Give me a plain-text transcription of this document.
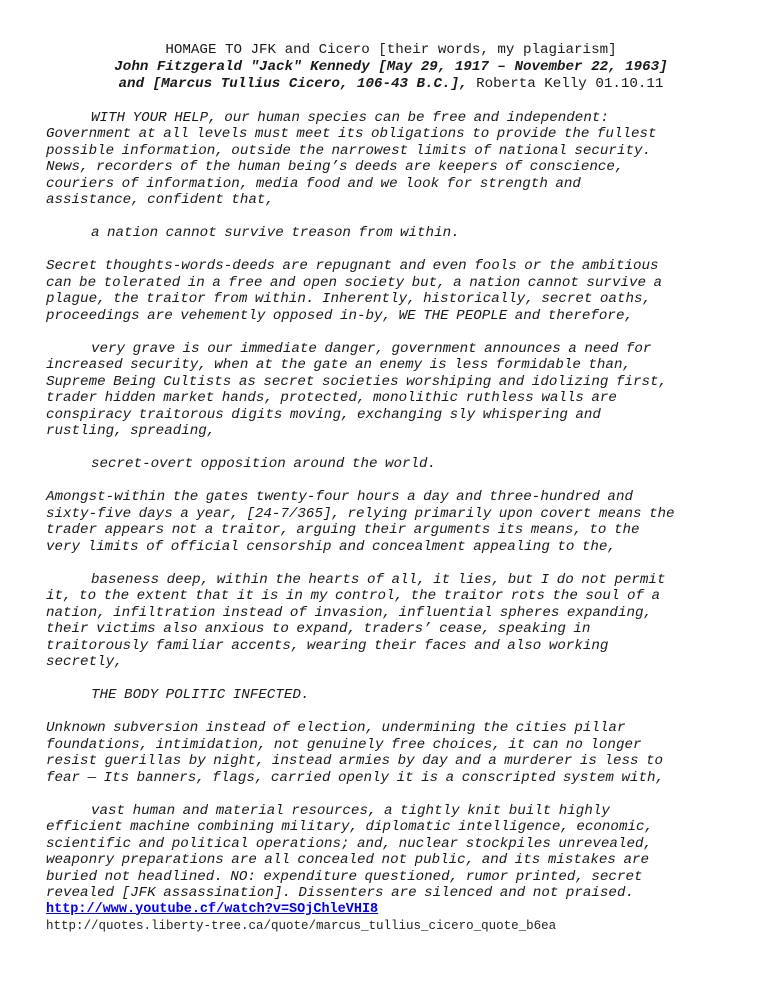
HOMAGE TO JFK and Cicero [their words, my plagiarism]
John Fitzgerald "Jack" Kennedy [May 29, 1917 – November 22, 1963]
and [Marcus Tullius Cicero, 106-43 B.C.], Roberta Kelly 01.10.11

WITH YOUR HELP, our human species can be free and independent:
Government at all levels must meet its obligations to provide the fullest
possible information, outside the narrowest limits of national security.
News, recorders of the human being’s deeds are keepers of conscience,
couriers of information, media food and we look for strength and
assistance, confident that,

a nation cannot survive treason from within.

Secret thoughts-words-deeds are repugnant and even fools or the ambitious
can be tolerated in a free and open society but, a nation cannot survive a
plague, the traitor from within. Inherently, historically, secret oaths,
proceedings are vehemently opposed in-by, WE THE PEOPLE and therefore,

very grave is our immediate danger, government announces a need for
increased security, when at the gate an enemy is less formidable than,
Supreme Being Cultists as secret societies worshiping and idolizing first,
trader hidden market hands, protected, monolithic ruthless walls are
conspiracy traitorous digits moving, exchanging sly whispering and
rustling, spreading,

secret-overt opposition around the world.

Amongst-within the gates twenty-four hours a day and three-hundred and
sixty-five days a year, [24-7/365], relying primarily upon covert means the
trader appears not a traitor, arguing their arguments its means, to the
very limits of official censorship and concealment appealing to the,

baseness deep, within the hearts of all, it lies, but I do not permit
it, to the extent that it is in my control, the traitor rots the soul of a
nation, infiltration instead of invasion, influential spheres expanding,
their victims also anxious to expand, traders’ cease, speaking in
traitorously familiar accents, wearing their faces and also working
secretly,

THE BODY POLITIC INFECTED.

Unknown subversion instead of election, undermining the cities pillar
foundations, intimidation, not genuinely free choices, it can no longer
resist guerillas by night, instead armies by day and a murderer is less to
fear — Its banners, flags, carried openly it is a conscripted system with,

vast human and material resources, a tightly knit built highly
efficient machine combining military, diplomatic intelligence, economic,
scientific and political operations; and, nuclear stockpiles unrevealed,
weaponry preparations are all concealed not public, and its mistakes are
buried not headlined. NO: expenditure questioned, rumor printed, secret
revealed [JFK assassination]. Dissenters are silenced and not praised.

http://www.youtube.cf/watch?v=SOjChleVHI8
http://quotes.liberty-tree.ca/quote/marcus_tullius_cicero_quote_b6ea
